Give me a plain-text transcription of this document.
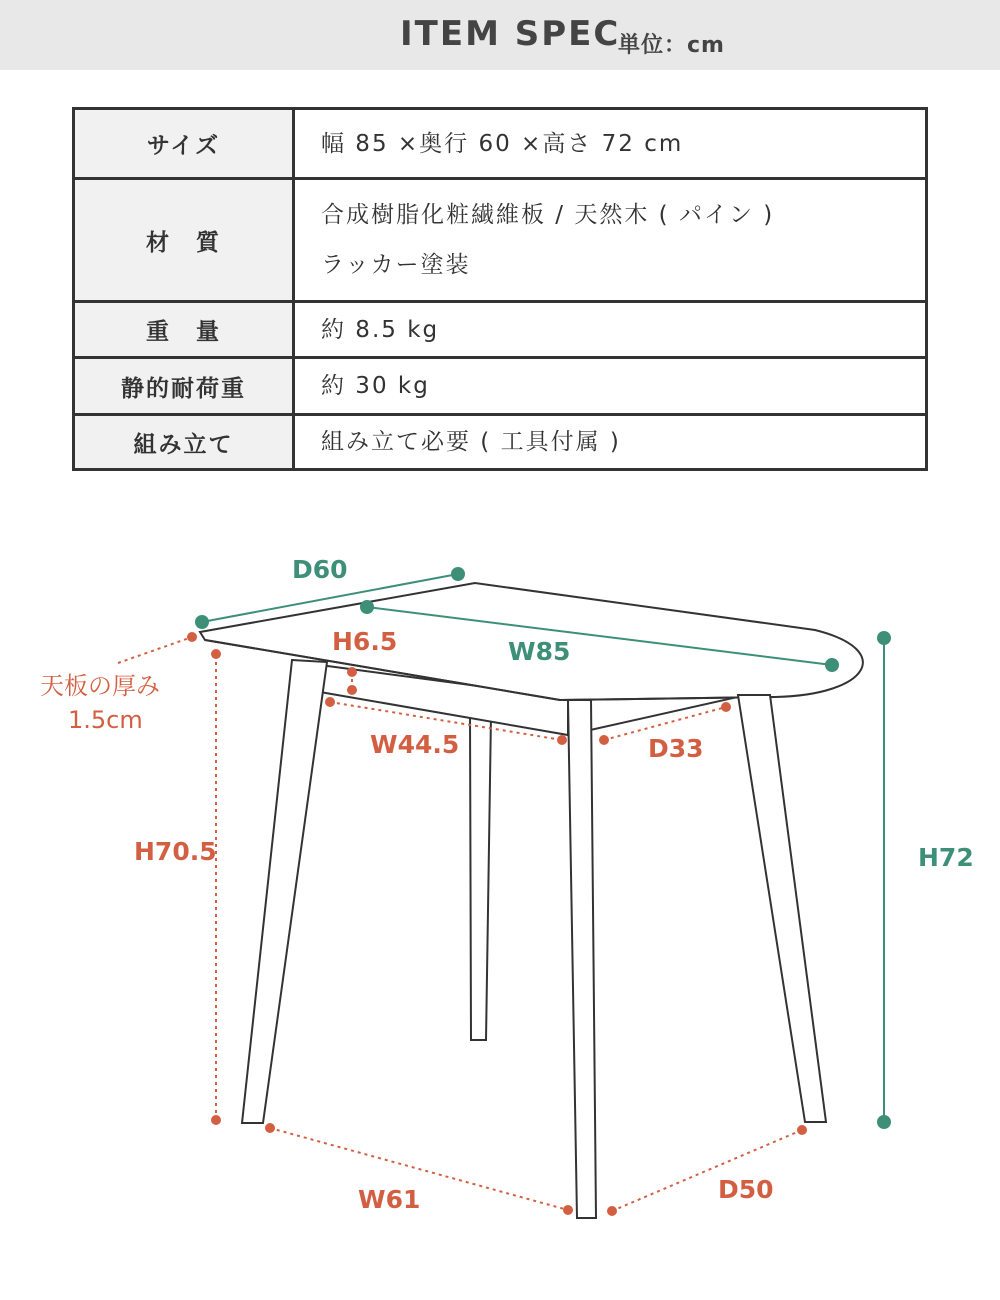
ITEM SPEC
単位：cm
サイズ	幅 85 ×奥行 60 ×高さ 72 cm

材　質	合成樹脂化粧繊維板 / 天然木 ( パイン )
ラッカー塗装

重　量	約 8.5 kg

静的耐荷重	約 30 kg

組み立て	組み立て必要 ( 工具付属 )
D60
W85
H72
H6.5
天板の厚み
1.5cm
W44.5	D33
H70.5
W61	D50
